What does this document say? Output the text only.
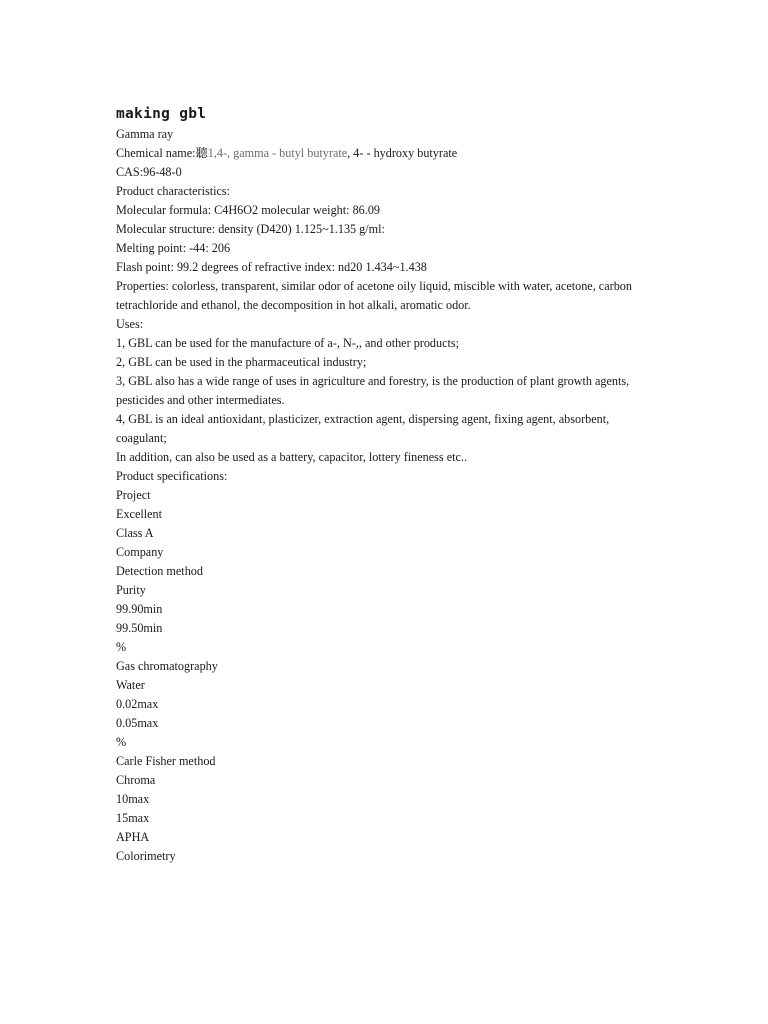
making gbl

Gamma ray

Chemical name:聽1,4-, gamma - butyl butyrate, 4- - hydroxy butyrate

CAS:96-48-0

Product characteristics:

Molecular formula: C4H6O2 molecular weight: 86.09

Molecular structure: density (D420) 1.125~1.135 g/ml:

Melting point: -44: 206

Flash point: 99.2 degrees of refractive index: nd20 1.434~1.438

Properties: colorless, transparent, similar odor of acetone oily liquid, miscible with water, acetone, carbon tetrachloride and ethanol, the decomposition in hot alkali, aromatic odor.

Uses:

1, GBL can be used for the manufacture of a-, N-,, and other products;

2, GBL can be used in the pharmaceutical industry;

3, GBL also has a wide range of uses in agriculture and forestry, is the production of plant growth agents, pesticides and other intermediates.

4, GBL is an ideal antioxidant, plasticizer, extraction agent, dispersing agent, fixing agent, absorbent, coagulant;

In addition, can also be used as a battery, capacitor, lottery fineness etc..

Product specifications:

Project

Excellent

Class A

Company

Detection method

Purity

99.90min

99.50min

%

Gas chromatography

Water

0.02max

0.05max

%

Carle Fisher method

Chroma

10max

15max

APHA

Colorimetry
